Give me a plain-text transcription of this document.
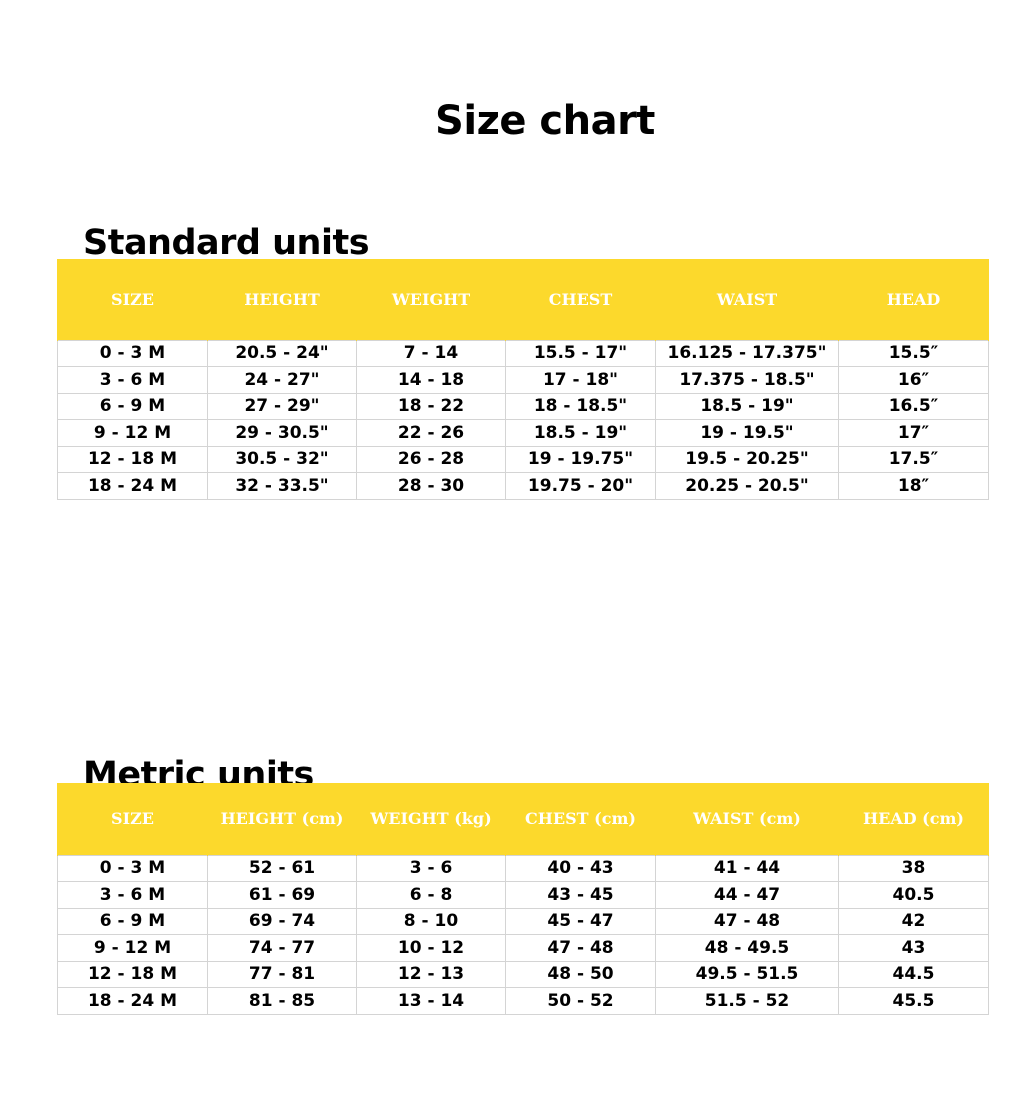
Size chart
Standard units
SIZE	HEIGHT	WEIGHT	CHEST	WAIST	HEAD
0 - 3 M	20.5 - 24"	7 - 14	15.5 - 17"	16.125 - 17.375"	15.5″
3 - 6 M	24 - 27"	14 - 18	17 - 18"	17.375 - 18.5"	16″
6 - 9 M	27 - 29"	18 - 22	18 - 18.5"	18.5 - 19"	16.5″
9 - 12 M	29 - 30.5"	22 - 26	18.5 - 19"	19 - 19.5"	17″
12 - 18 M	30.5 - 32"	26 - 28	19 - 19.75"	19.5 - 20.25"	17.5″
18 - 24 M	32 - 33.5"	28 - 30	19.75 - 20"	20.25 - 20.5"	18″
Metric units
SIZE	HEIGHT (cm)	WEIGHT (kg)	CHEST (cm)	WAIST (cm)	HEAD (cm)
0 - 3 M	52 - 61	3 - 6	40 - 43	41 - 44	38
3 - 6 M	61 - 69	6 - 8	43 - 45	44 - 47	40.5
6 - 9 M	69 - 74	8 - 10	45 - 47	47 - 48	42
9 - 12 M	74 - 77	10 - 12	47 - 48	48 - 49.5	43
12 - 18 M	77 - 81	12 - 13	48 - 50	49.5 - 51.5	44.5
18 - 24 M	81 - 85	13 - 14	50 - 52	51.5 - 52	45.5
